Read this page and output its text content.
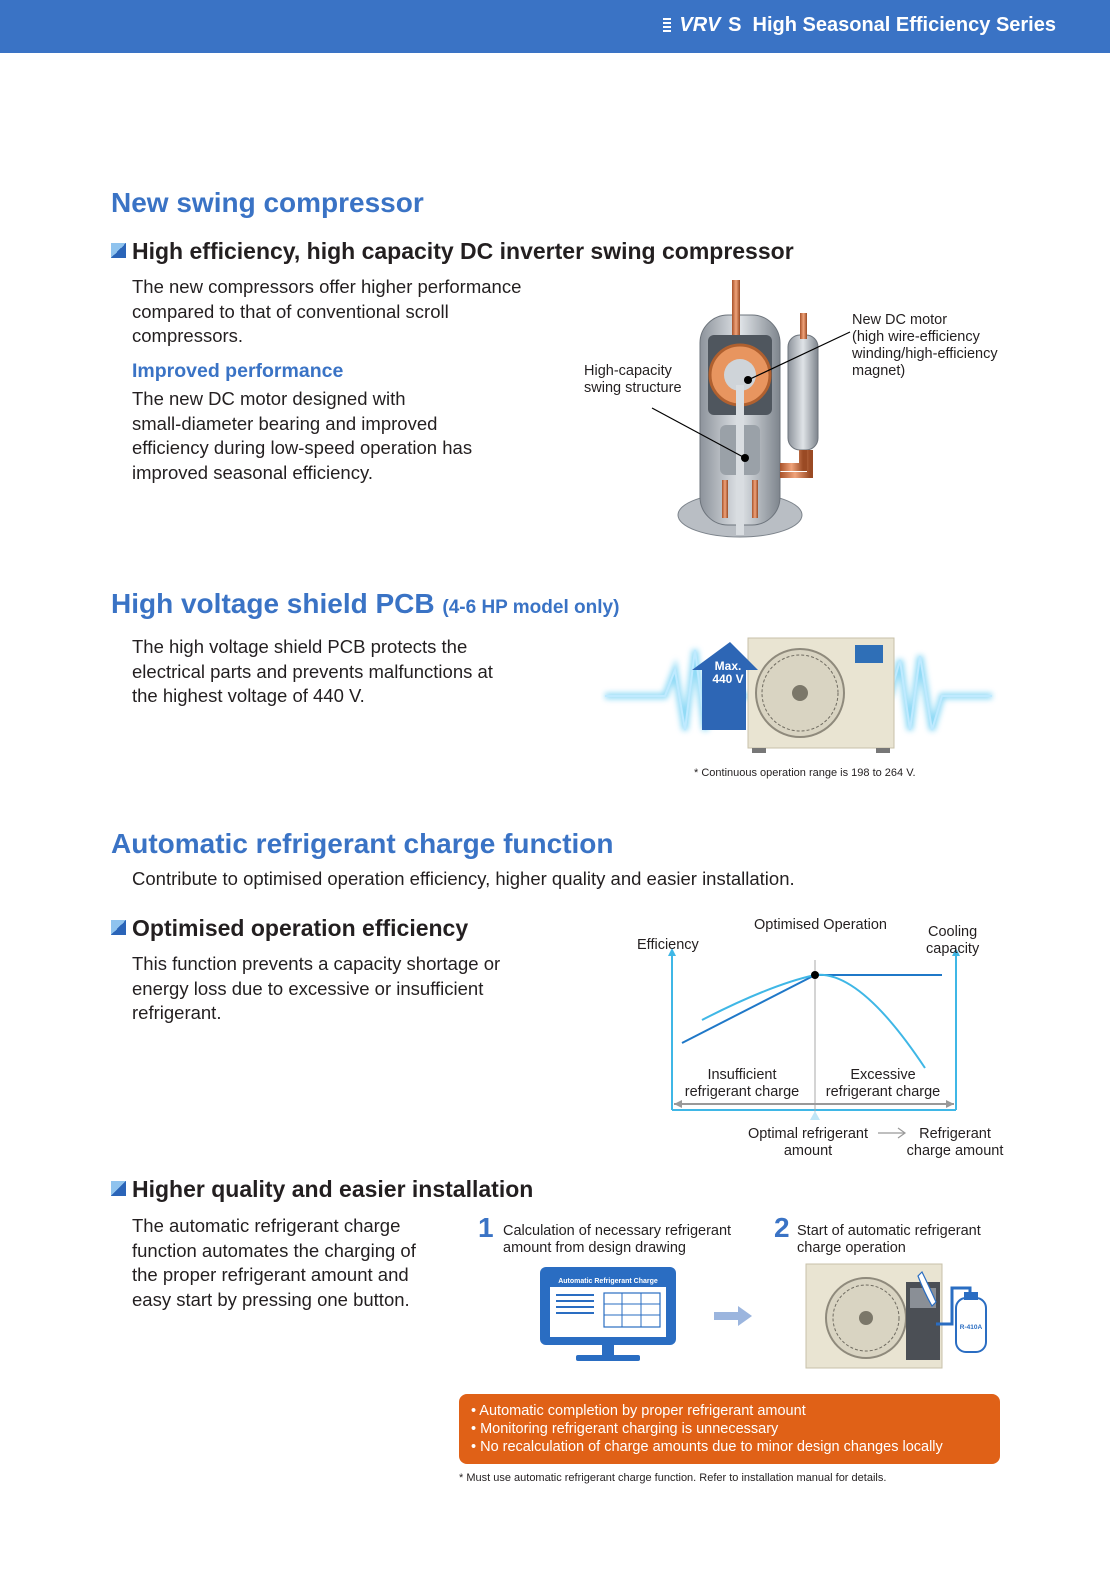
VRV S High Seasonal Efficiency Series
New swing compressor
High efficiency, high capacity DC inverter swing compressor
The new compressors offer higher performance
compared to that of conventional scroll
compressors.
Improved performance
The new DC motor designed with
small-diameter bearing and improved
efficiency during low-speed operation has
improved seasonal efficiency.
High-capacity
swing structure
New DC motor
(high wire-efficiency
winding/high-efficiency
magnet)
High voltage shield PCB (4-6 HP model only)
The high voltage shield PCB protects the
electrical parts and prevents malfunctions at
the highest voltage of 440 V.
Max.
440 V
* Continuous operation range is 198 to 264 V.
Automatic refrigerant charge function
Contribute to optimised operation efficiency, higher quality and easier installation.
Optimised operation efficiency
This function prevents a capacity shortage or
energy loss due to excessive or insufficient
refrigerant.
Efficiency
Optimised Operation	Cooling
capacity
Insufficient
refrigerant charge
Excessive
refrigerant charge
Optimal refrigerant
amount
Refrigerant
charge amount
Higher quality and easier installation
The automatic refrigerant charge
function automates the charging of
the proper refrigerant amount and
easy start by pressing one button.
1 Calculation of necessary refrigerant
amount from design drawing
2 Start of automatic refrigerant
charge operation
Automatic Refrigerant Charge
R-410A
• Automatic completion by proper refrigerant amount
• Monitoring refrigerant charging is unnecessary
• No recalculation of charge amounts due to minor design changes locally
* Must use automatic refrigerant charge function. Refer to installation manual for details.
